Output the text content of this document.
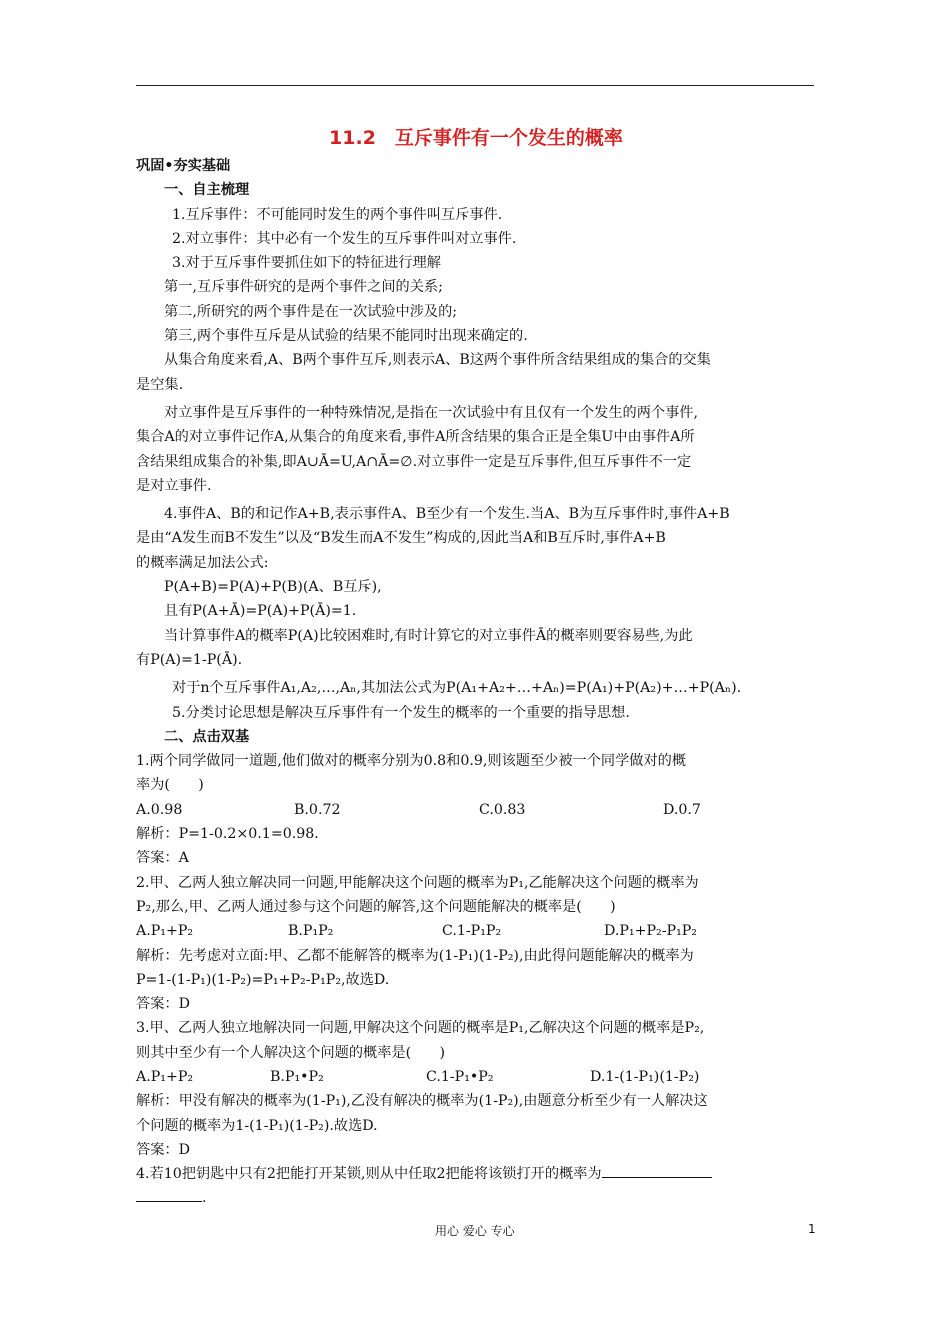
11.2　互斥事件有一个发生的概率
巩固•夯实基础
一、自主梳理
1.互斥事件：不可能同时发生的两个事件叫互斥事件.
2.对立事件：其中必有一个发生的互斥事件叫对立事件.
3.对于互斥事件要抓住如下的特征进行理解
第一,互斥事件研究的是两个事件之间的关系;
第二,所研究的两个事件是在一次试验中涉及的;
第三,两个事件互斥是从试验的结果不能同时出现来确定的.
从集合角度来看,A、B两个事件互斥,则表示A、B这两个事件所含结果组成的集合的交集
是空集.
对立事件是互斥事件的一种特殊情况,是指在一次试验中有且仅有一个发生的两个事件,
集合A的对立事件记作A,从集合的角度来看,事件A所含结果的集合正是全集U中由事件A所
含结果组成集合的补集,即A∪Ā=U,A∩Ā=∅.对立事件一定是互斥事件,但互斥事件不一定
是对立事件.
4.事件A、B的和记作A+B,表示事件A、B至少有一个发生.当A、B为互斥事件时,事件A+B
是由“A发生而B不发生”以及“B发生而A不发生”构成的,因此当A和B互斥时,事件A+B
的概率满足加法公式:
P(A+B)=P(A)+P(B)(A、B互斥),
且有P(A+Ā)=P(A)+P(Ā)=1.
当计算事件A的概率P(A)比较困难时,有时计算它的对立事件Ā的概率则要容易些,为此
有P(A)=1-P(Ā).
对于n个互斥事件A₁,A₂,…,Aₙ,其加法公式为P(A₁+A₂+…+Aₙ)=P(A₁)+P(A₂)+…+P(Aₙ).
5.分类讨论思想是解决互斥事件有一个发生的概率的一个重要的指导思想.
二、点击双基
1.两个同学做同一道题,他们做对的概率分别为0.8和0.9,则该题至少被一个同学做对的概
率为(　　)
A.0.98	B.0.72	C.0.83	D.0.7
解析：P=1-0.2×0.1=0.98.
答案：A
2.甲、乙两人独立解决同一问题,甲能解决这个问题的概率为P₁,乙能解决这个问题的概率为
P₂,那么,甲、乙两人通过参与这个问题的解答,这个问题能解决的概率是(　　)
A.P₁+P₂	B.P₁P₂	C.1-P₁P₂	D.P₁+P₂-P₁P₂
解析：先考虑对立面:甲、乙都不能解答的概率为(1-P₁)(1-P₂),由此得问题能解决的概率为
P=1-(1-P₁)(1-P₂)=P₁+P₂-P₁P₂,故选D.
答案：D
3.甲、乙两人独立地解决同一问题,甲解决这个问题的概率是P₁,乙解决这个问题的概率是P₂,
则其中至少有一个人解决这个问题的概率是(　　)
A.P₁+P₂	B.P₁•P₂	C.1-P₁•P₂	D.1-(1-P₁)(1-P₂)
解析：甲没有解决的概率为(1-P₁),乙没有解决的概率为(1-P₂),由题意分析至少有一人解决这
个问题的概率为1-(1-P₁)(1-P₂).故选D.
答案：D
4.若10把钥匙中只有2把能打开某锁,则从中任取2把能将该锁打开的概率为
.
用心 爱心 专心	1
